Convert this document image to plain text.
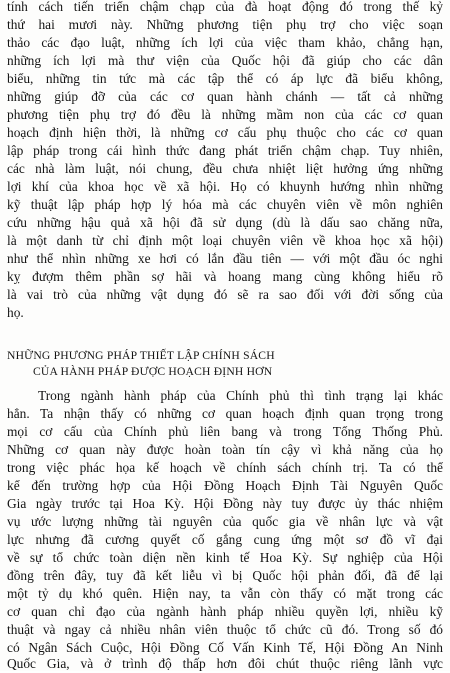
tính cách tiến triển chậm chạp của đà hoạt động đó trong thế kỷ
thứ hai mươi này. Những phương tiện phụ trợ cho việc soạn
thảo các đạo luật, những ích lợi của việc tham khảo, chẳng hạn,
những ích lợi mà thư viện của Quốc hội đã giúp cho các dân
biểu, những tin tức mà các tập thể có áp lực đã biểu không,
những giúp đỡ của các cơ quan hành chánh — tất cả những
phương tiện phụ trợ đó đều là những mầm non của các cơ quan
hoạch định hiện thời, là những cơ cấu phụ thuộc cho các cơ quan
lập pháp trong cái hình thức đang phát triển chậm chạp. Tuy nhiên,
các nhà làm luật, nói chung, đều chưa nhiệt liệt hưởng ứng những
lợi khí của khoa học về xã hội. Họ có khuynh hướng nhìn những
kỹ thuật lập pháp hợp lý hóa mà các chuyên viên về môn nghiên
cứu những hậu quả xã hội đã sử dụng (dù là dấu sao chăng nữa,
là một danh từ chỉ định một loại chuyên viên về khoa học xã hội)
như thể nhìn những xe hơi có lắn đầu tiên — với một đầu óc nghi
kỵ đượm thêm phần sợ hãi và hoang mang cùng không hiểu rõ
là vai trò của những vật dụng đó sẽ ra sao đối với đời sống của
họ.
NHỮNG PHƯƠNG PHÁP THIẾT LẬP CHÍNH SÁCH
CỦA HÀNH PHÁP ĐƯỢC HOẠCH ĐỊNH HƠN
Trong ngành hành pháp của Chính phủ thì tình trạng lại khác
hẳn. Ta nhận thấy có những cơ quan hoạch định quan trọng trong
mọi cơ cấu của Chính phủ liên bang và trong Tổng Thống Phủ.
Những cơ quan này được hoàn toàn tín cậy vì khả năng của họ
trong việc phác họa kế hoạch về chính sách chính trị. Ta có thể
kể đến trường hợp của Hội Đồng Hoạch Định Tài Nguyên Quốc
Gia ngày trước tại Hoa Kỳ. Hội Đồng này tuy được ủy thác nhiệm
vụ ước lượng những tài nguyên của quốc gia về nhân lực và vật
lực nhưng đã cương quyết cố gắng cung ứng một sơ đồ vĩ đại
về sự tổ chức toàn diện nền kinh tế Hoa Kỳ. Sự nghiệp của Hội
đồng trên đây, tuy đã kết liễu vì bị Quốc hội phản đối, đã để lại
một tỷ dụ khó quên. Hiện nay, ta vẫn còn thấy có mặt trong các
cơ quan chỉ đạo của ngành hành pháp nhiều quyền lợi, nhiều kỹ
thuật và ngay cả nhiều nhân viên thuộc tổ chức cũ đó. Trong số đó
có Ngân Sách Cuộc, Hội Đồng Cố Vấn Kinh Tế, Hội Đồng An Ninh
Quốc Gia, và ở trình độ thấp hơn đôi chút thuộc riêng lãnh vực
